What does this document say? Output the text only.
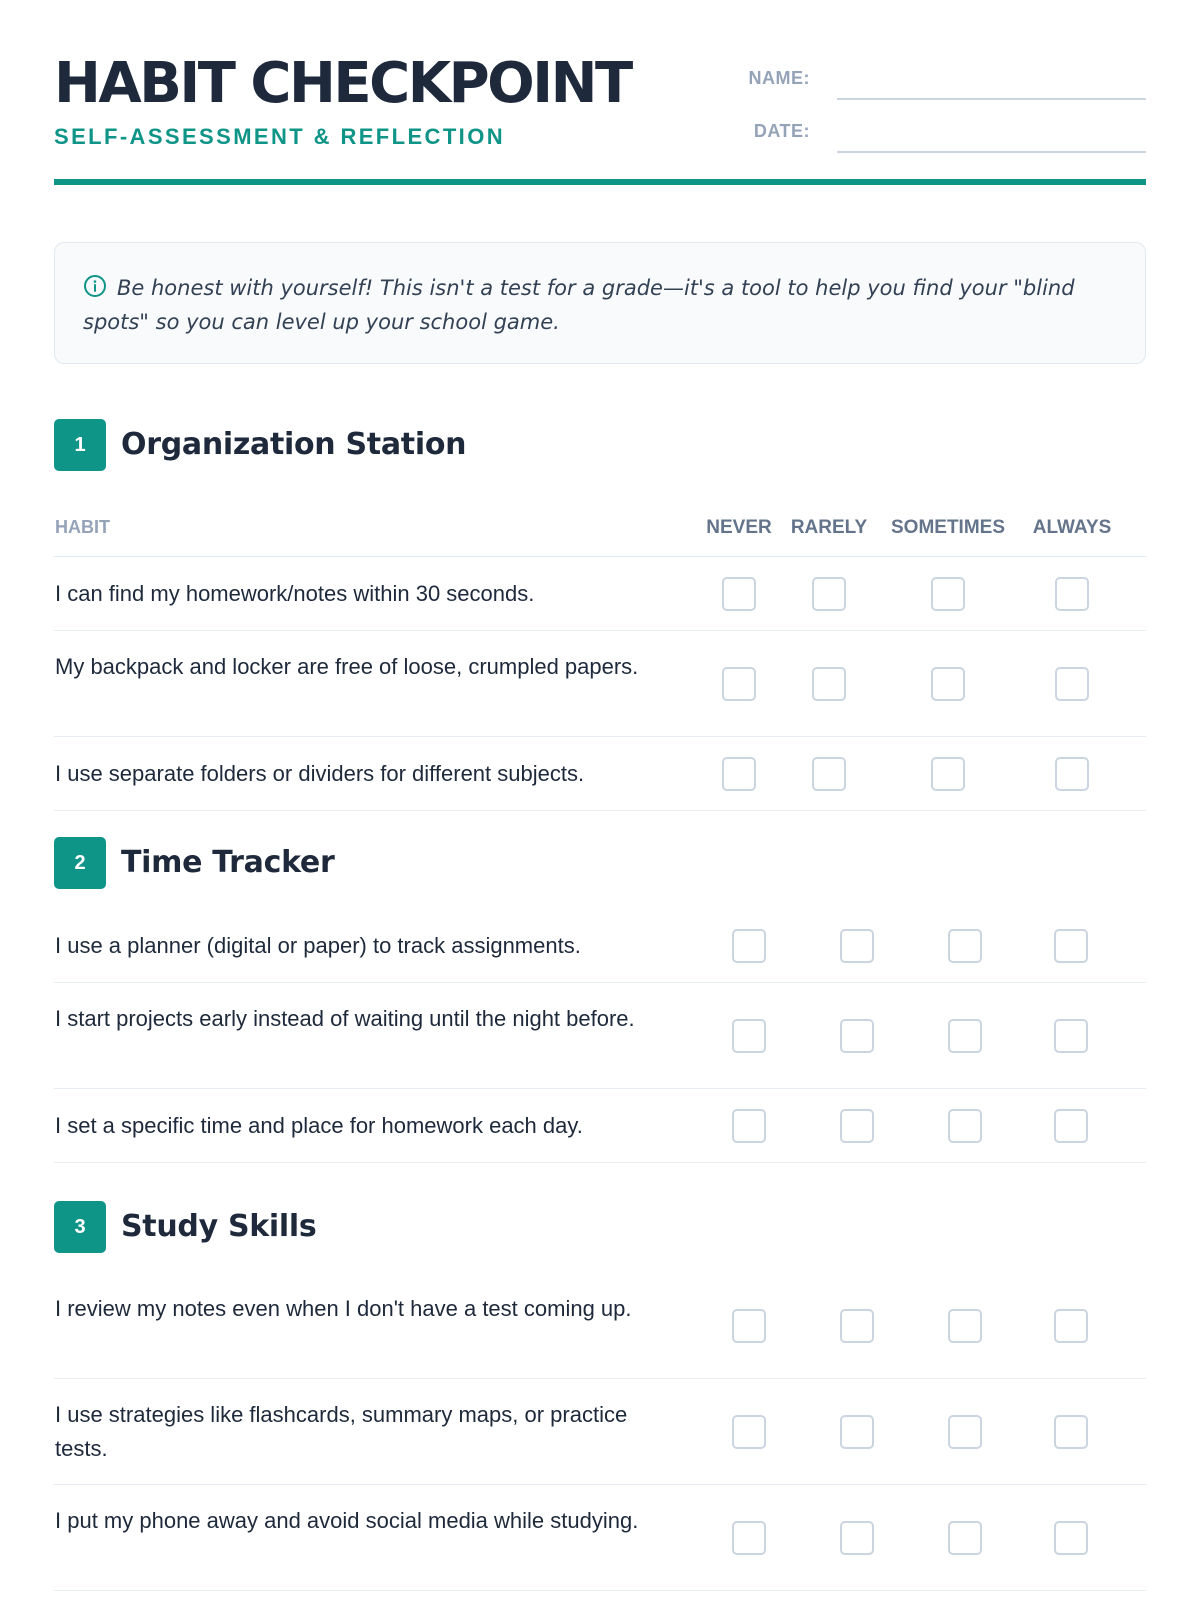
HABIT CHECKPOINT
SELF-ASSESSMENT & REFLECTION
NAME:
DATE:

Be honest with yourself! This isn't a test for a grade—it's a tool to help you find your "blind spots" so you can level up your school game.

1	Organization Station
HABIT	NEVER RARELY SOMETIMES ALWAYS
I can find my homework/notes within 30 seconds.
My backpack and locker are free of loose, crumpled papers.
I use separate folders or dividers for different subjects.
2	Time Tracker
I use a planner (digital or paper) to track assignments.
I start projects early instead of waiting until the night before.
I set a specific time and place for homework each day.
3	Study Skills
I review my notes even when I don't have a test coming up.
I use strategies like flashcards, summary maps, or practice tests.
I put my phone away and avoid social media while studying.
